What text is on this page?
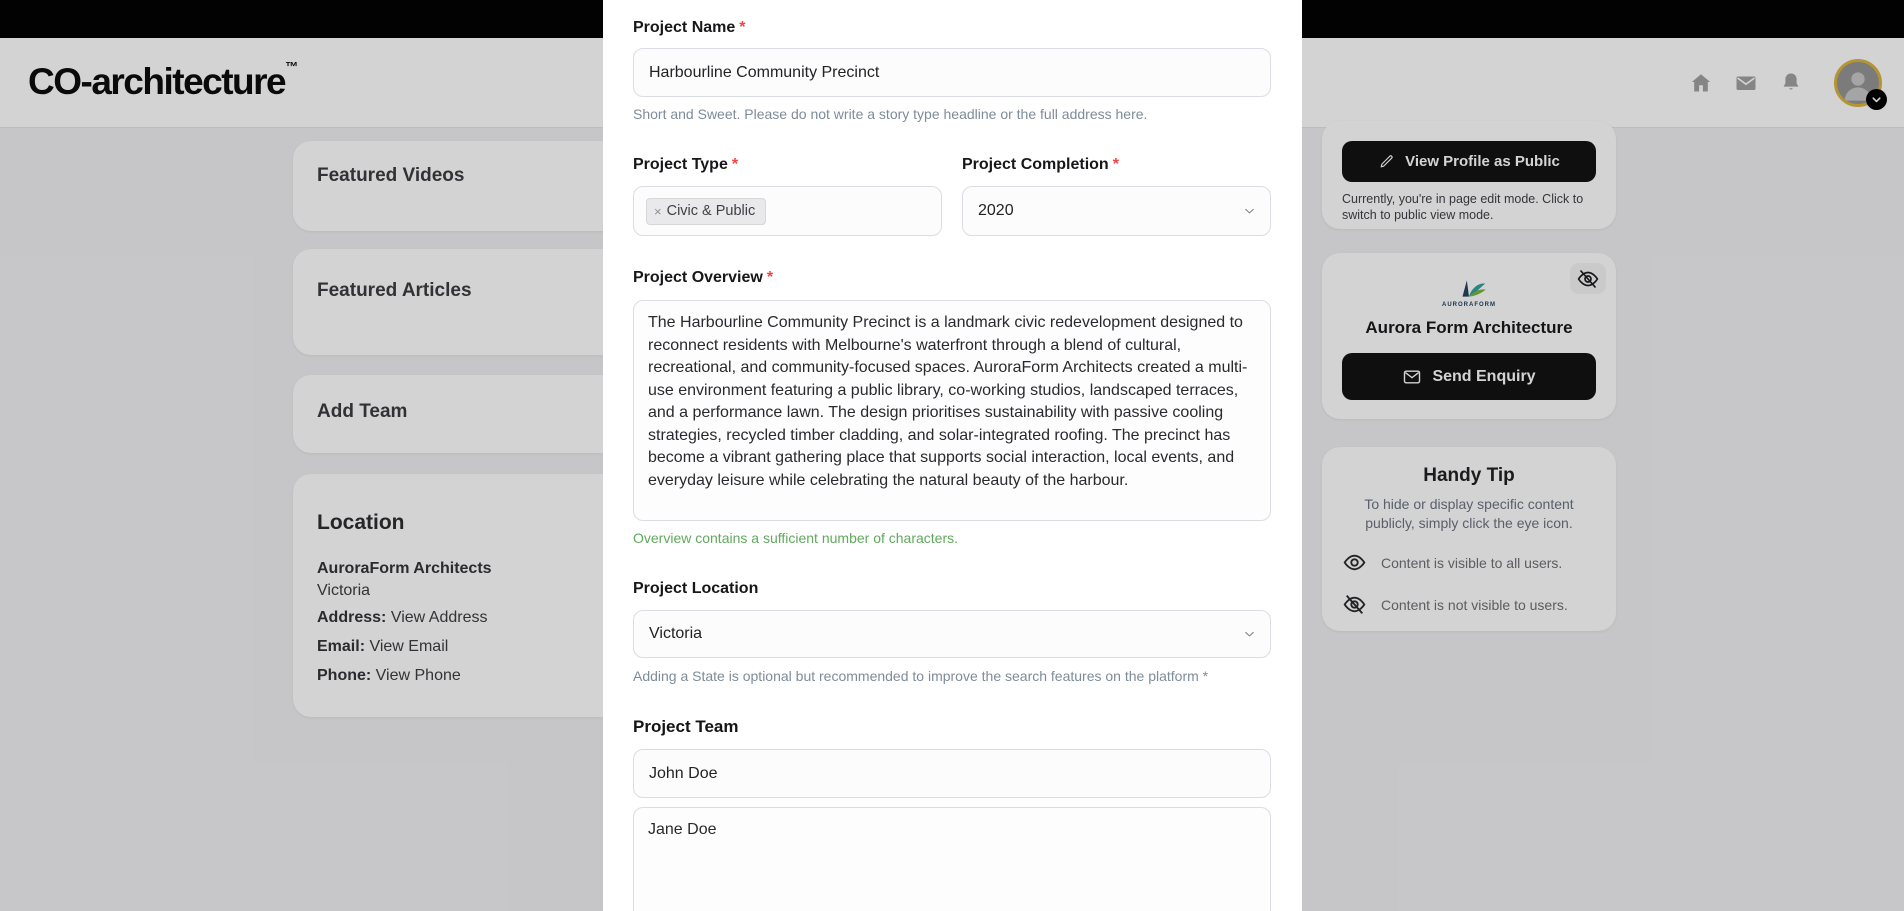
CO-architecture™
Featured Videos
Featured Articles
Add Team
Location
AuroraForm Architects
Victoria
Address: View Address
Email: View Email
Phone: View Phone
View Profile as Public
Currently, you're in page edit mode. Click to switch to public view mode.
AURORAFORM
Aurora Form Architecture
Send Enquiry
Handy Tip
To hide or display specific content publicly, simply click the eye icon.
Content is visible to all users.
Content is not visible to users.
Project Name *
Harbourline Community Precinct
Short and Sweet. Please do not write a story type headline or the full address here.
Project Type *
× Civic & Public
Project Completion *
2020
Project Overview *
The Harbourline Community Precinct is a landmark civic redevelopment designed to reconnect residents with Melbourne's waterfront through a blend of cultural, recreational, and community-focused spaces. AuroraForm Architects created a multi-use environment featuring a public library, co-working studios, landscaped terraces, and a performance lawn. The design prioritises sustainability with passive cooling strategies, recycled timber cladding, and solar-integrated roofing. The precinct has become a vibrant gathering place that supports social interaction, local events, and everyday leisure while celebrating the natural beauty of the harbour.
Overview contains a sufficient number of characters.
Project Location
Victoria
Adding a State is optional but recommended to improve the search features on the platform *
Project Team
John Doe
Jane Doe
